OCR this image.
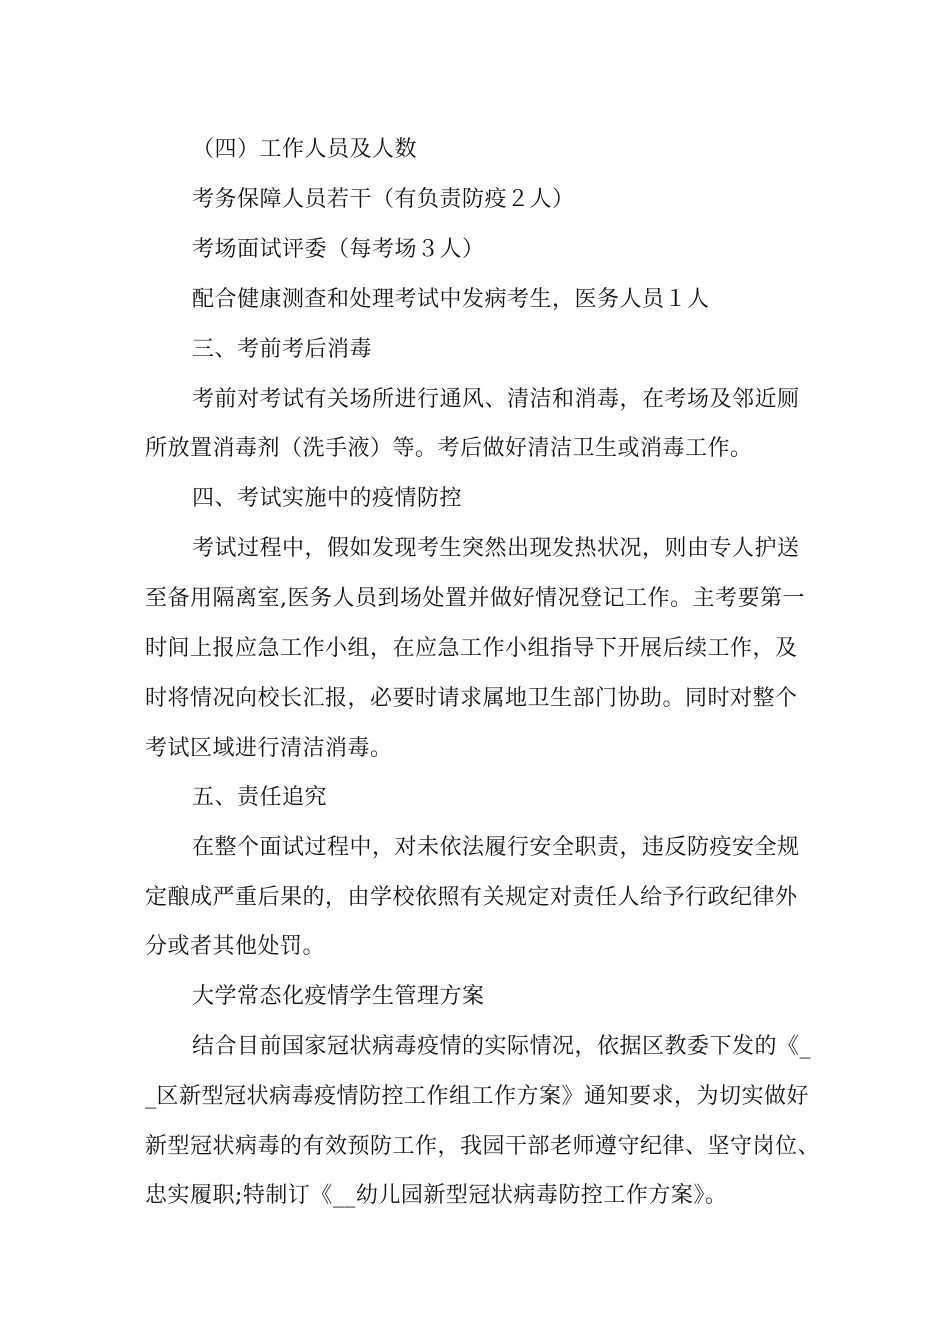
（四）工作人员及人数
考务保障人员若干（有负责防疫２人）
考场面试评委（每考场３人）
配合健康测查和处理考试中发病考生，医务人员１人
三、考前考后消毒
考前对考试有关场所进行通风、清洁和消毒，在考场及邻近厕
所放置消毒剂（洗手液）等。考后做好清洁卫生或消毒工作。
四、考试实施中的疫情防控
考试过程中，假如发现考生突然出现发热状况，则由专人护送
至备用隔离室,医务人员到场处置并做好情况登记工作。主考要第一
时间上报应急工作小组，在应急工作小组指导下开展后续工作，及
时将情况向校长汇报，必要时请求属地卫生部门协助。同时对整个
考试区域进行清洁消毒。
五、责任追究
在整个面试过程中，对未依法履行安全职责，违反防疫安全规
定酿成严重后果的，由学校依照有关规定对责任人给予行政纪律外
分或者其他处罚。
大学常态化疫情学生管理方案
结合目前国家冠状病毒疫情的实际情况，依据区教委下发的《_
_区新型冠状病毒疫情防控工作组工作方案》通知要求，为切实做好
新型冠状病毒的有效预防工作，我园干部老师遵守纪律、坚守岗位、
忠实履职;特制订《__幼儿园新型冠状病毒防控工作方案》。
